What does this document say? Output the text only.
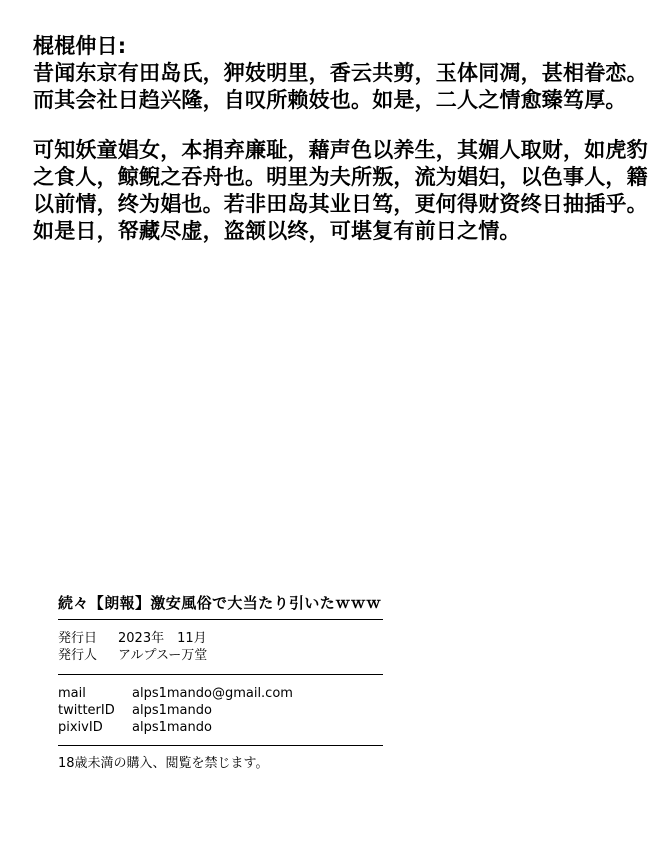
棍棍伸日:
昔闻东京有田岛氏，狎妓明里，香云共剪，玉体同凋，甚相眷恋。
而其会社日趋兴隆，自叹所赖妓也。如是，二人之情愈臻笃厚。
可知妖童娼女，本捐弃廉耻，藉声色以养生，其媚人取财，如虎豹
之食人，鲸鲵之吞舟也。明里为夫所叛，流为娼妇，以色事人，籍
以前情，终为娼也。若非田岛其业日笃，更何得财资终日抽插乎。
如是日，帑藏尽虚，盗颔以终，可堪复有前日之情。
続々【朗報】激安風俗で大当たり引いたｗｗｗ
発行日	2023年　11月
発行人	アルプスー万堂
mail	alps1mando@gmail.com
twitterID	alps1mando
pixivID	alps1mando
18歳未満の購入、閲覧を禁じます。
